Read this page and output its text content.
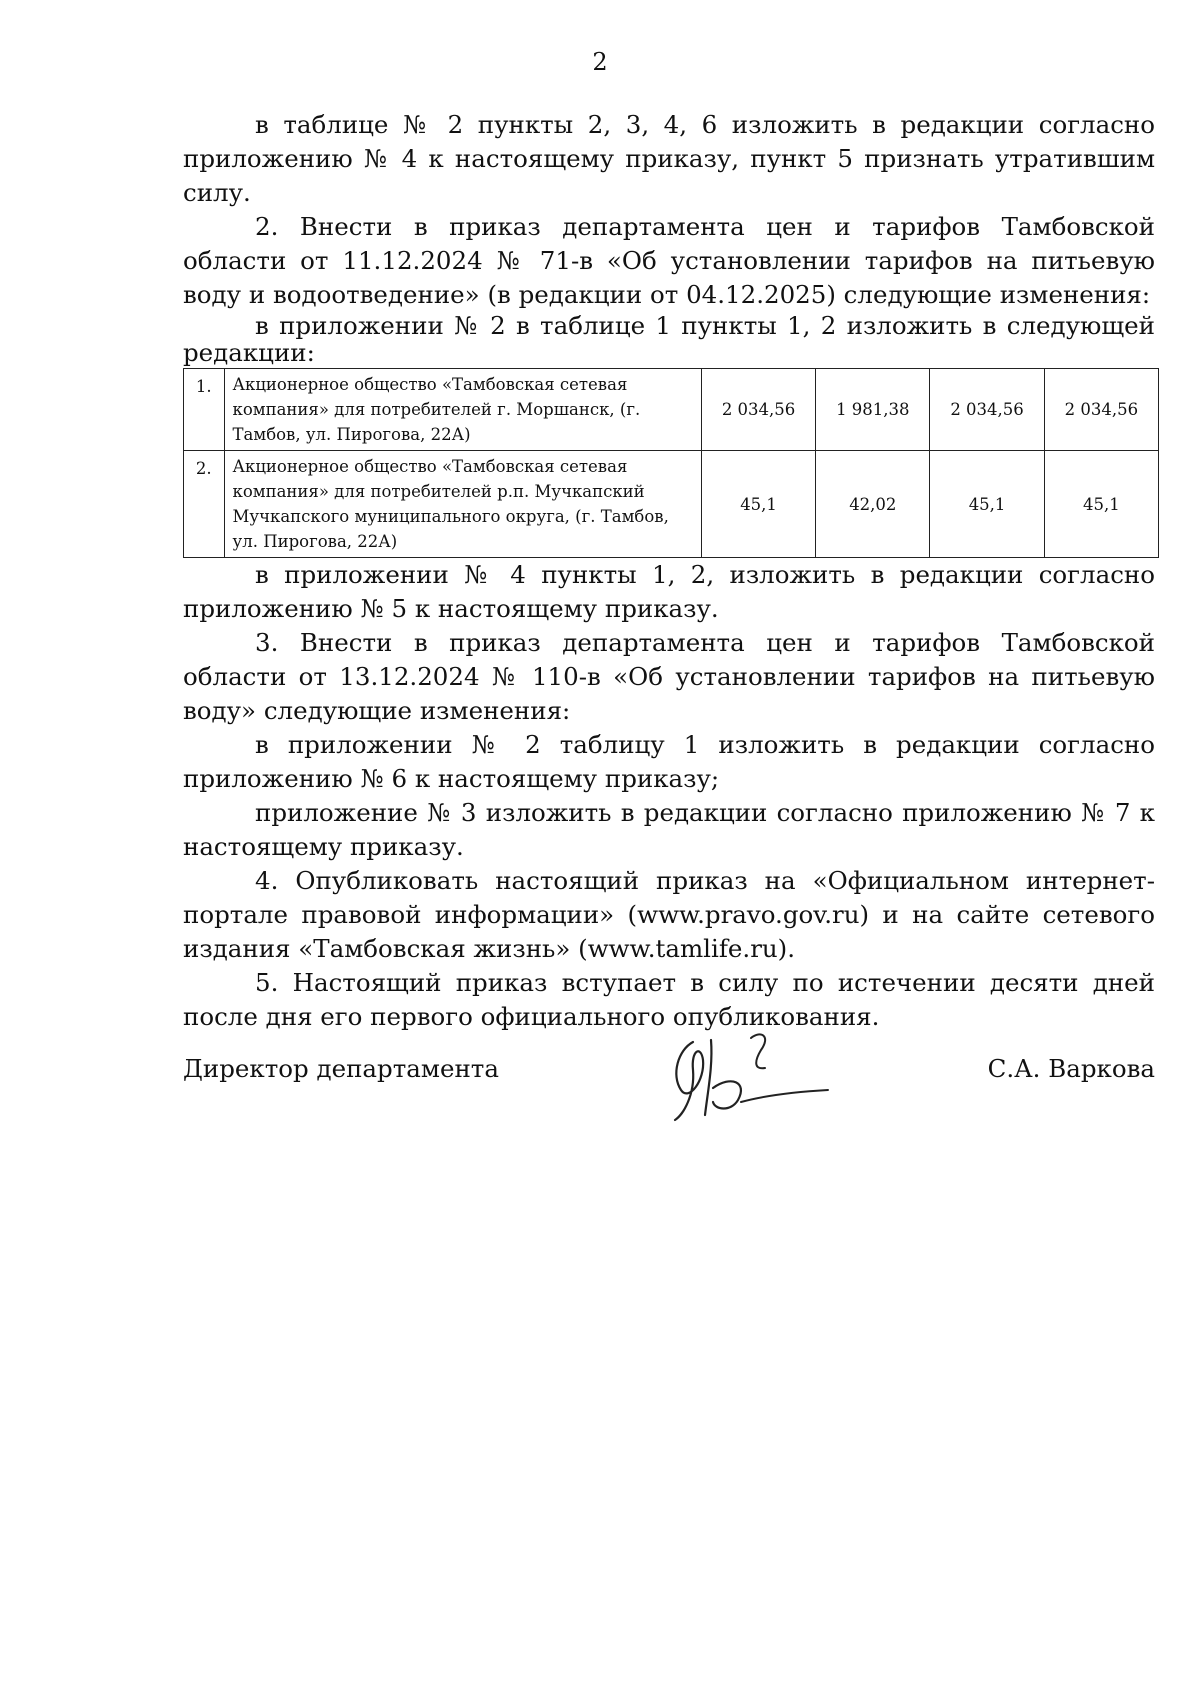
2

в таблице № 2 пункты 2, 3, 4, 6 изложить в редакции согласно приложению № 4 к настоящему приказу, пункт 5 признать утратившим силу.

2. Внести в приказ департамента цен и тарифов Тамбовской области от 11.12.2024 № 71-в «Об установлении тарифов на питьевую воду и водоотведение» (в редакции от 04.12.2025) следующие изменения:

в приложении № 2 в таблице 1 пункты 1, 2 изложить в следующей редакции:

1.	Акционерное общество «Тамбовская сетевая компания» для потребителей г. Моршанск, (г. Тамбов, ул. Пирогова, 22А)	2 034,56	1 981,38	2 034,56	2 034,56
2.	Акционерное общество «Тамбовская сетевая компания» для потребителей р.п. Мучкапский Мучкапского муниципального округа, (г. Тамбов, ул. Пирогова, 22А)	45,1	42,02	45,1	45,1

в приложении № 4 пункты 1, 2, изложить в редакции согласно приложению № 5 к настоящему приказу.

3. Внести в приказ департамента цен и тарифов Тамбовской области от 13.12.2024 № 110-в «Об установлении тарифов на питьевую воду» следующие изменения:

в приложении № 2 таблицу 1 изложить в редакции согласно приложению № 6 к настоящему приказу;

приложение № 3 изложить в редакции согласно приложению № 7 к настоящему приказу.

4. Опубликовать настоящий приказ на «Официальном интернет-портале правовой информации» (www.pravo.gov.ru) и на сайте сетевого издания «Тамбовская жизнь» (www.tamlife.ru).

5. Настоящий приказ вступает в силу по истечении десяти дней после дня его первого официального опубликования.

Директор департамента	С.А. Варкова
